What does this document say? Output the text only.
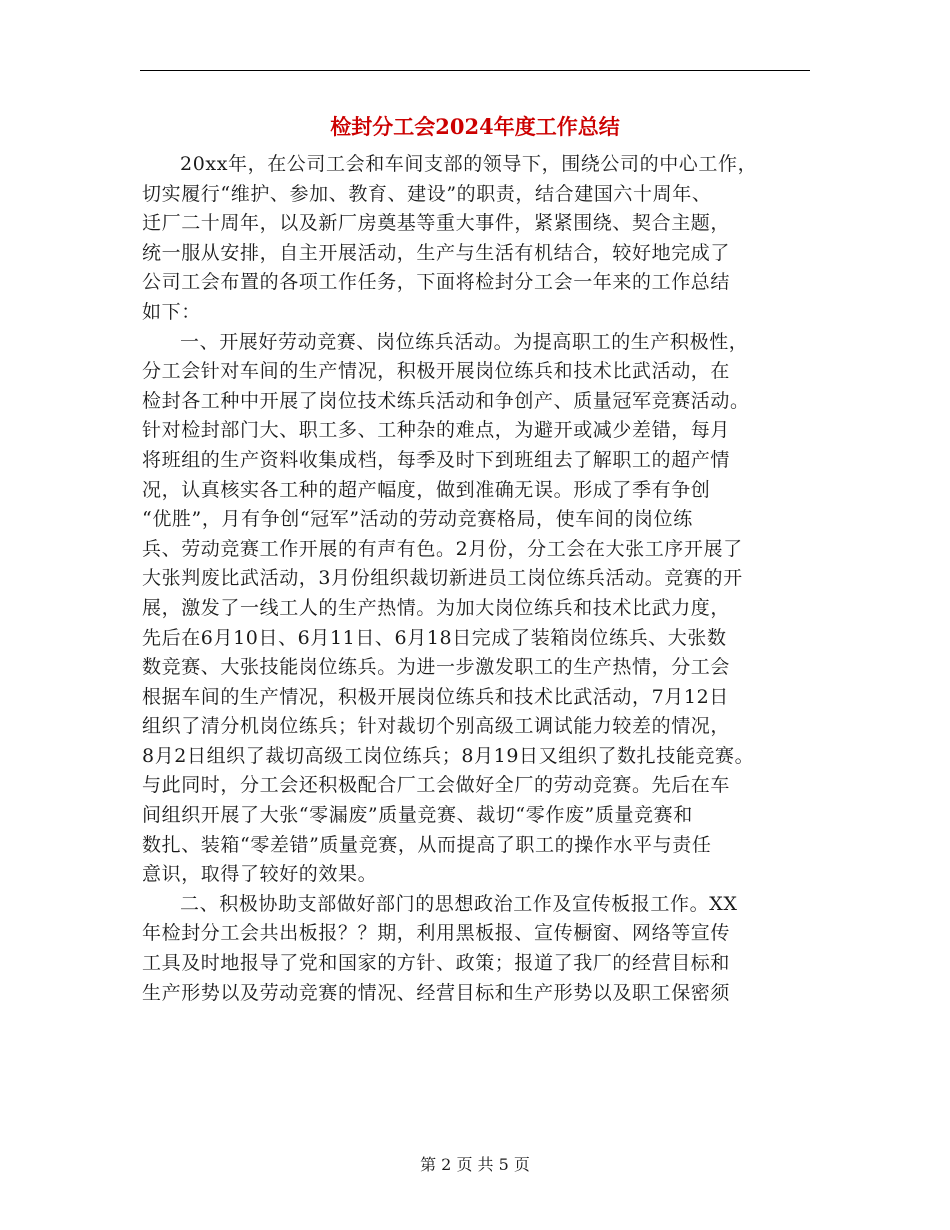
检封分工会2024年度工作总结
20xx年，在公司工会和车间支部的领导下，围绕公司的中心工作，
切实履行“维护、参加、教育、建设”的职责，结合建国六十周年、
迁厂二十周年，以及新厂房奠基等重大事件，紧紧围绕、契合主题，
统一服从安排，自主开展活动，生产与生活有机结合，较好地完成了
公司工会布置的各项工作任务，下面将检封分工会一年来的工作总结
如下：
一、开展好劳动竞赛、岗位练兵活动。为提高职工的生产积极性，
分工会针对车间的生产情况，积极开展岗位练兵和技术比武活动，在
检封各工种中开展了岗位技术练兵活动和争创产、质量冠军竞赛活动。
针对检封部门大、职工多、工种杂的难点，为避开或减少差错，每月
将班组的生产资料收集成档，每季及时下到班组去了解职工的超产情
况，认真核实各工种的超产幅度，做到准确无误。形成了季有争创
“优胜”，月有争创“冠军”活动的劳动竞赛格局，使车间的岗位练
兵、劳动竞赛工作开展的有声有色。2月份，分工会在大张工序开展了
大张判废比武活动，3月份组织裁切新进员工岗位练兵活动。竞赛的开
展，激发了一线工人的生产热情。为加大岗位练兵和技术比武力度，
先后在6月10日、6月11日、6月18日完成了装箱岗位练兵、大张数
数竞赛、大张技能岗位练兵。为进一步激发职工的生产热情，分工会
根据车间的生产情况，积极开展岗位练兵和技术比武活动，7月12日
组织了清分机岗位练兵；针对裁切个别高级工调试能力较差的情况，
8月2日组织了裁切高级工岗位练兵；8月19日又组织了数扎技能竞赛。
与此同时，分工会还积极配合厂工会做好全厂的劳动竞赛。先后在车
间组织开展了大张“零漏废”质量竞赛、裁切“零作废”质量竞赛和
数扎、装箱“零差错”质量竞赛，从而提高了职工的操作水平与责任
意识，取得了较好的效果。
二、积极协助支部做好部门的思想政治工作及宣传板报工作。XX
年检封分工会共出板报？？期，利用黑板报、宣传橱窗、网络等宣传
工具及时地报导了党和国家的方针、政策；报道了我厂的经营目标和
生产形势以及劳动竞赛的情况、经营目标和生产形势以及职工保密须
第 2 页 共 5 页
